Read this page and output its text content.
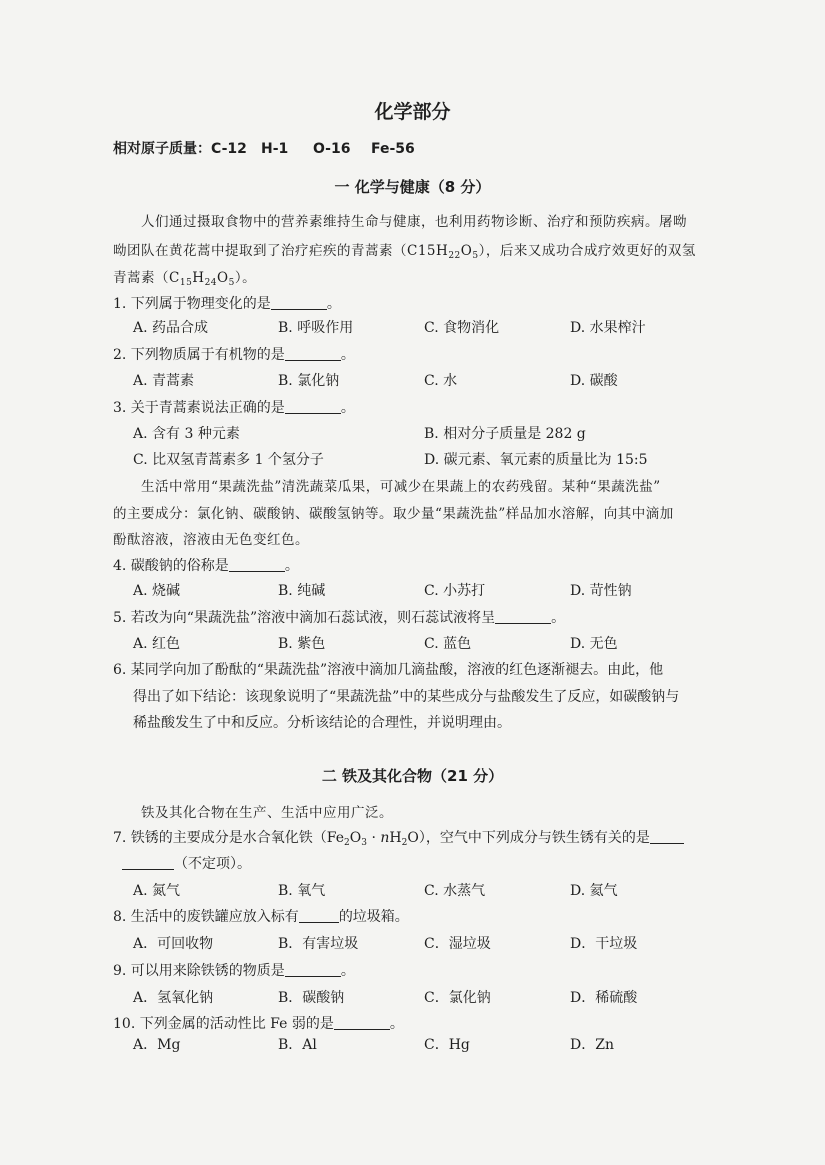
化学部分
相对原子质量：C-12 H-1 O-16 Fe-56
一 化学与健康（8 分）
人们通过摄取食物中的营养素维持生命与健康，也利用药物诊断、治疗和预防疾病。屠呦
呦团队在黄花蒿中提取到了治疗疟疾的青蒿素$(C15H_{22}O_5)$，后来又成功合成疗效更好的双氢
青蒿素$(C_{15}H_{24}O_5)$。
1. 下列属于物理变化的是	。
A. 药品合成	B. 呼吸作用	C. 食物消化	D. 水果榨汁
2. 下列物质属于有机物的是	。
A. 青蒿素	B. 氯化钠	C. 水	D. 碳酸
3. 关于青蒿素说法正确的是	。
A. 含有 3 种元素	B. 相对分子质量是 282 g
C. 比双氢青蒿素多 1 个氢分子	D. 碳元素、氧元素的质量比为 15:5
生活中常用“果蔬洗盐”清洗蔬菜瓜果，可减少在果蔬上的农药残留。某种“果蔬洗盐”
的主要成分：氯化钠、碳酸钠、碳酸氢钠等。取少量“果蔬洗盐”样品加水溶解，向其中滴加
酚酞溶液，溶液由无色变红色。
4. 碳酸钠的俗称是	。
A. 烧碱	B. 纯碱	C. 小苏打	D. 苛性钠
5. 若改为向“果蔬洗盐”溶液中滴加石蕊试液，则石蕊试液将呈	。
A. 红色	B. 紫色	C. 蓝色	D. 无色
6. 某同学向加了酚酞的“果蔬洗盐”溶液中滴加几滴盐酸，溶液的红色逐渐褪去。由此，他
得出了如下结论：该现象说明了“果蔬洗盐”中的某些成分与盐酸发生了反应，如碳酸钠与
稀盐酸发生了中和反应。分析该结论的合理性，并说明理由。
二 铁及其化合物（21 分）
铁及其化合物在生产、生活中应用广泛。
7. 铁锈的主要成分是水合氧化铁$(Fe_2O_3 \cdot nH_2O)$，空气中下列成分与铁生锈有关的是
（不定项）。
A. 氮气	B. 氧气	C. 水蒸气	D. 氦气
8. 生活中的废铁罐应放入标有	的垃圾箱。
A．可回收物	B．有害垃圾	C．湿垃圾	D．干垃圾
9. 可以用来除铁锈的物质是	。
A．氢氧化钠	B．碳酸钠	C．氯化钠	D．稀硫酸
10. 下列金属的活动性比 Fe 弱的是	。
A．Mg	B．Al	C．Hg	D．Zn
